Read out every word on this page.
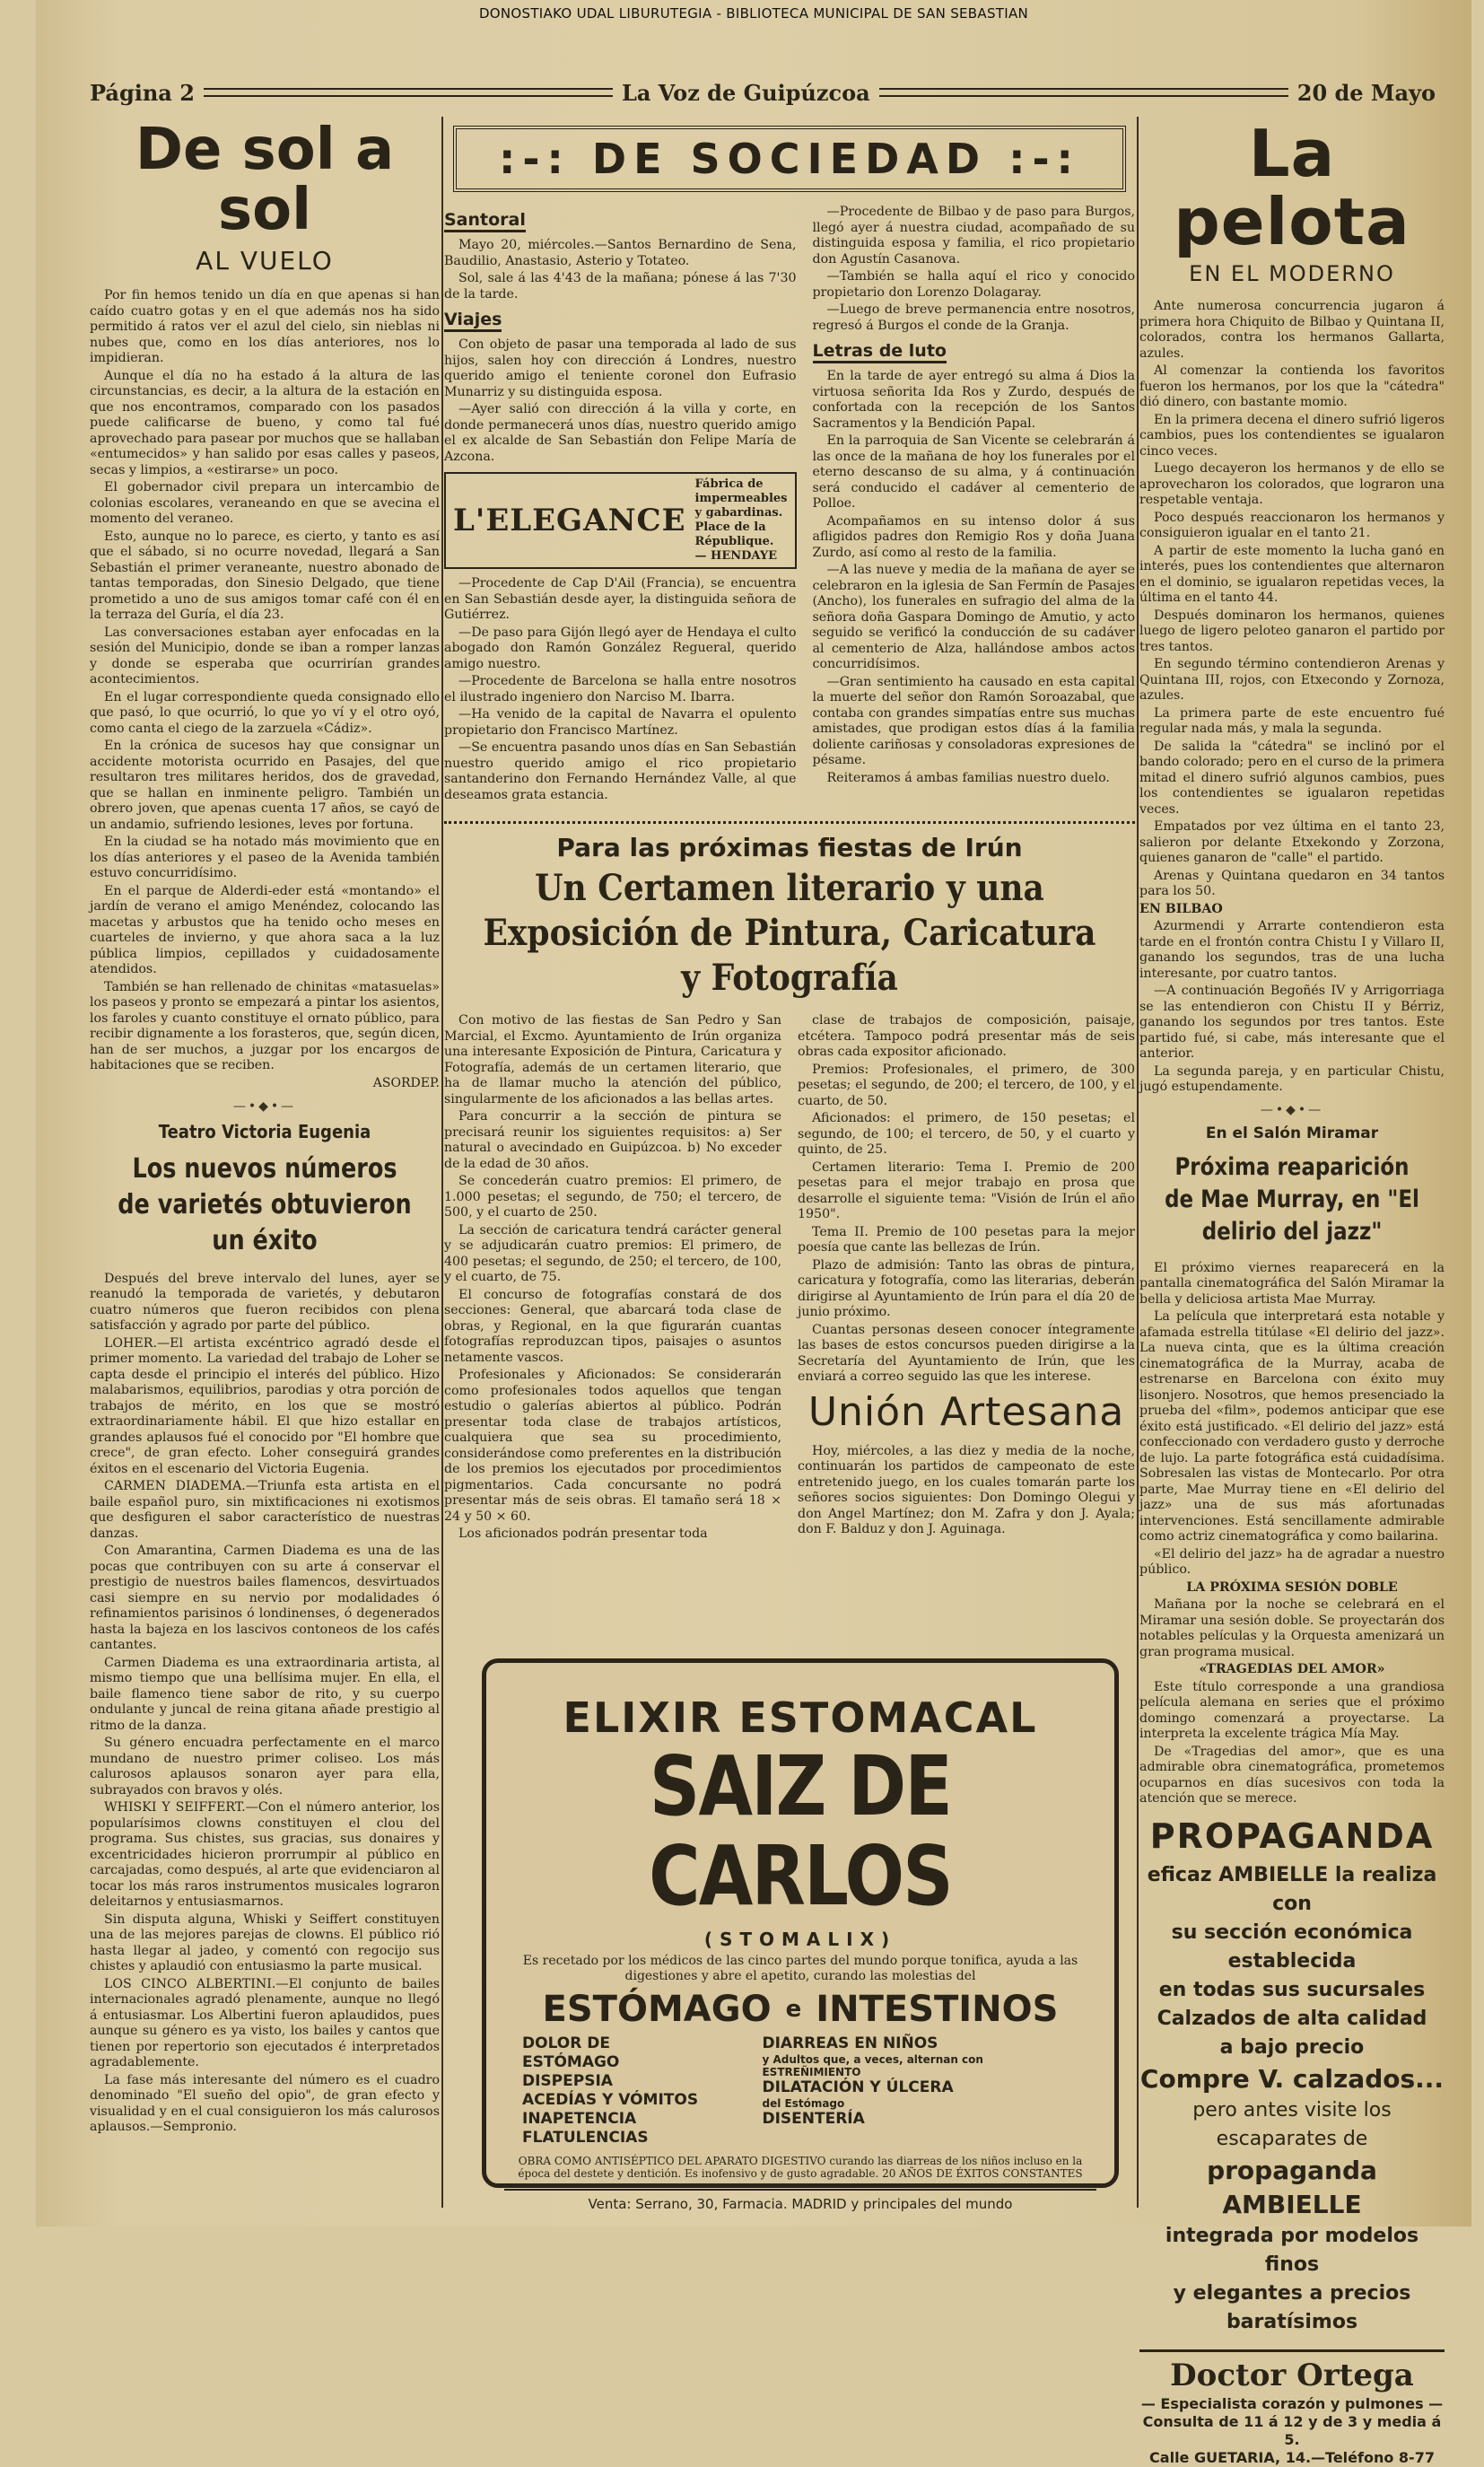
DONOSTIAKO UDAL LIBURUTEGIA - BIBLIOTECA MUNICIPAL DE SAN SEBASTIAN
Página 2	La Voz de Guipúzcoa	20 de Mayo
De sol a sol
AL VUELO

Por fin hemos tenido un día en que apenas si han caído cuatro gotas y en el que además nos ha sido permitido á ratos ver el azul del cielo, sin nieblas ni nubes que, como en los días anteriores, nos lo impidieran.

Aunque el día no ha estado á la altura de las circunstancias, es decir, a la altura de la estación en que nos encontramos, comparado con los pasados puede calificarse de bueno, y como tal fué aprovechado para pasear por muchos que se hallaban «entumecidos» y han salido por esas calles y paseos, secas y limpios, a «estirarse» un poco.

El gobernador civil prepara un intercambio de colonias escolares, veraneando en que se avecina el momento del veraneo.

Esto, aunque no lo parece, es cierto, y tanto es así que el sábado, si no ocurre novedad, llegará a San Sebastián el primer veraneante, nuestro abonado de tantas temporadas, don Sinesio Delgado, que tiene prometido a uno de sus amigos tomar café con él en la terraza del Guría, el día 23.

Las conversaciones estaban ayer enfocadas en la sesión del Municipio, donde se iban a romper lanzas y donde se esperaba que ocurrirían grandes acontecimientos.

En el lugar correspondiente queda consignado ello que pasó, lo que ocurrió, lo que yo ví y el otro oyó, como canta el ciego de la zarzuela «Cádiz».

En la crónica de sucesos hay que consignar un accidente motorista ocurrido en Pasajes, del que resultaron tres militares heridos, dos de gravedad, que se hallan en inminente peligro. También un obrero joven, que apenas cuenta 17 años, se cayó de un andamio, sufriendo lesiones, leves por fortuna.

En la ciudad se ha notado más movimiento que en los días anteriores y el paseo de la Avenida también estuvo concurridísimo.

En el parque de Alderdi-eder está «montando» el jardín de verano el amigo Menéndez, colocando las macetas y arbustos que ha tenido ocho meses en cuarteles de invierno, y que ahora saca a la luz pública limpios, cepillados y cuidadosamente atendidos.

También se han rellenado de chinitas «matasuelas» los paseos y pronto se empezará a pintar los asientos, los faroles y cuanto constituye el ornato público, para recibir dignamente a los forasteros, que, según dicen, han de ser muchos, a juzgar por los encargos de habitaciones que se reciben.

ASORDEP.
—•◆•—
Teatro Victoria Eugenia
Los nuevos números de varietés obtuvieron un éxito

Después del breve intervalo del lunes, ayer se reanudó la temporada de varietés, y debutaron cuatro números que fueron recibidos con plena satisfacción y agrado por parte del público.

LOHER.—El artista excéntrico agradó desde el primer momento. La variedad del trabajo de Loher se capta desde el principio el interés del público. Hizo malabarismos, equilibrios, parodias y otra porción de trabajos de mérito, en los que se mostró extraordinariamente hábil. El que hizo estallar en grandes aplausos fué el conocido por "El hombre que crece", de gran efecto. Loher conseguirá grandes éxitos en el escenario del Victoria Eugenia.

CARMEN DIADEMA.—Triunfa esta artista en el baile español puro, sin mixtificaciones ni exotismos que desfiguren el sabor característico de nuestras danzas.

Con Amarantina, Carmen Diadema es una de las pocas que contribuyen con su arte á conservar el prestigio de nuestros bailes flamencos, desvirtuados casi siempre en su nervio por modalidades ó refinamientos parisinos ó londinenses, ó degenerados hasta la bajeza en los lascivos contoneos de los cafés cantantes.

Carmen Diadema es una extraordinaria artista, al mismo tiempo que una bellísima mujer. En ella, el baile flamenco tiene sabor de rito, y su cuerpo ondulante y juncal de reina gitana añade prestigio al ritmo de la danza.

Su género encuadra perfectamente en el marco mundano de nuestro primer coliseo. Los más calurosos aplausos sonaron ayer para ella, subrayados con bravos y olés.

WHISKI Y SEIFFERT.—Con el número anterior, los popularísimos clowns constituyen el clou del programa. Sus chistes, sus gracias, sus donaires y excentricidades hicieron prorrumpir al público en carcajadas, como después, al arte que evidenciaron al tocar los más raros instrumentos musicales lograron deleitarnos y entusiasmarnos.

Sin disputa alguna, Whiski y Seiffert constituyen una de las mejores parejas de clowns. El público rió hasta llegar al jadeo, y comentó con regocijo sus chistes y aplaudió con entusiasmo la parte musical.

LOS CINCO ALBERTINI.—El conjunto de bailes internacionales agradó plenamente, aunque no llegó á entusiasmar. Los Albertini fueron aplaudidos, pues aunque su género es ya visto, los bailes y cantos que tienen por repertorio son ejecutados é interpretados agradablemente.

La fase más interesante del número es el cuadro denominado "El sueño del opio", de gran efecto y visualidad y en el cual consiguieron los más calurosos aplausos.—Sempronio.

:-: DE SOCIEDAD :-:
Santoral

Mayo 20, miércoles.—Santos Bernardino de Sena, Baudilio, Anastasio, Asterio y Totateo.

Sol, sale á las 4'43 de la mañana; pónese á las 7'30 de la tarde.

Viajes

Con objeto de pasar una temporada al lado de sus hijos, salen hoy con dirección á Londres, nuestro querido amigo el teniente coronel don Eufrasio Munarriz y su distinguida esposa.

—Ayer salió con dirección á la villa y corte, en donde permanecerá unos días, nuestro querido amigo el ex alcalde de San Sebastián don Felipe María de Azcona.

L'ELEGANCE
Fábrica de impermeables y gabardinas. Place de la République. — HENDAYE

—Procedente de Cap D'Ail (Francia), se encuentra en San Sebastián desde ayer, la distinguida señora de Gutiérrez.

—De paso para Gijón llegó ayer de Hendaya el culto abogado don Ramón González Regueral, querido amigo nuestro.

—Procedente de Barcelona se halla entre nosotros el ilustrado ingeniero don Narciso M. Ibarra.

—Ha venido de la capital de Navarra el opulento propietario don Francisco Martínez.

—Se encuentra pasando unos días en San Sebastián nuestro querido amigo el rico propietario santanderino don Fernando Hernández Valle, al que deseamos grata estancia.

—Procedente de Bilbao y de paso para Burgos, llegó ayer á nuestra ciudad, acompañado de su distinguida esposa y familia, el rico propietario don Agustín Casanova.

—También se halla aquí el rico y conocido propietario don Lorenzo Dolagaray.

—Luego de breve permanencia entre nosotros, regresó á Burgos el conde de la Granja.

Letras de luto

En la tarde de ayer entregó su alma á Dios la virtuosa señorita Ida Ros y Zurdo, después de confortada con la recepción de los Santos Sacramentos y la Bendición Papal.

En la parroquia de San Vicente se celebrarán á las once de la mañana de hoy los funerales por el eterno descanso de su alma, y á continuación será conducido el cadáver al cementerio de Polloe.

Acompañamos en su intenso dolor á sus afligidos padres don Remigio Ros y doña Juana Zurdo, así como al resto de la familia.

—A las nueve y media de la mañana de ayer se celebraron en la iglesia de San Fermín de Pasajes (Ancho), los funerales en sufragio del alma de la señora doña Gaspara Domingo de Amutio, y acto seguido se verificó la conducción de su cadáver al cementerio de Alza, hallándose ambos actos concurridísimos.

—Gran sentimiento ha causado en esta capital la muerte del señor don Ramón Soroazabal, que contaba con grandes simpatías entre sus muchas amistades, que prodigan estos días á la familia doliente cariñosas y consoladoras expresiones de pésame.

Reiteramos á ambas familias nuestro duelo.

Para las próximas fiestas de Irún
Un Certamen literario y una Exposición de Pintura, Caricatura y Fotografía

Con motivo de las fiestas de San Pedro y San Marcial, el Excmo. Ayuntamiento de Irún organiza una interesante Exposición de Pintura, Caricatura y Fotografía, además de un certamen literario, que ha de llamar mucho la atención del público, singularmente de los aficionados a las bellas artes.

Para concurrir a la sección de pintura se precisará reunir los siguientes requisitos: a) Ser natural o avecindado en Guipúzcoa. b) No exceder de la edad de 30 años.

Se concederán cuatro premios: El primero, de 1.000 pesetas; el segundo, de 750; el tercero, de 500, y el cuarto de 250.

La sección de caricatura tendrá carácter general y se adjudicarán cuatro premios: El primero, de 400 pesetas; el segundo, de 250; el tercero, de 100, y el cuarto, de 75.

El concurso de fotografías constará de dos secciones: General, que abarcará toda clase de obras, y Regional, en la que figurarán cuantas fotografías reproduzcan tipos, paisajes o asuntos netamente vascos.

Profesionales y Aficionados: Se considerarán como profesionales todos aquellos que tengan estudio o galerías abiertos al público. Podrán presentar toda clase de trabajos artísticos, cualquiera que sea su procedimiento, considerándose como preferentes en la distribución de los premios los ejecutados por procedimientos pigmentarios. Cada concursante no podrá presentar más de seis obras. El tamaño será 18 × 24 y 50 × 60.

Los aficionados podrán presentar toda

clase de trabajos de composición, paisaje, etcétera. Tampoco podrá presentar más de seis obras cada expositor aficionado.

Premios: Profesionales, el primero, de 300 pesetas; el segundo, de 200; el tercero, de 100, y el cuarto, de 50.

Aficionados: el primero, de 150 pesetas; el segundo, de 100; el tercero, de 50, y el cuarto y quinto, de 25.

Certamen literario: Tema I. Premio de 200 pesetas para el mejor trabajo en prosa que desarrolle el siguiente tema: "Visión de Irún el año 1950".

Tema II. Premio de 100 pesetas para la mejor poesía que cante las bellezas de Irún.

Plazo de admisión: Tanto las obras de pintura, caricatura y fotografía, como las literarias, deberán dirigirse al Ayuntamiento de Irún para el día 20 de junio próximo.

Cuantas personas deseen conocer íntegramente las bases de estos concursos pueden dirigirse a la Secretaría del Ayuntamiento de Irún, que les enviará a correo seguido las que les interese.

Unión Artesana

Hoy, miércoles, a las diez y media de la noche, continuarán los partidos de campeonato de este entretenido juego, en los cuales tomarán parte los señores socios siguientes: Don Domingo Olegui y don Angel Martínez; don M. Zafra y don J. Ayala; don F. Balduz y don J. Aguinaga.

ELIXIR ESTOMACAL
SAIZ DE CARLOS
(STOMALIX)
Es recetado por los médicos de las cinco partes del mundo porque tonifica, ayuda a las digestiones y abre el apetito, curando las molestias del
ESTÓMAGO e INTESTINOS
DOLOR DE ESTÓMAGO
DISPEPSIA
ACEDÍAS Y VÓMITOS
INAPETENCIA
FLATULENCIAS
DIARREAS EN NIÑOS
y Adultos que, a veces, alternan con ESTREÑIMIENTO
DILATACIÓN Y ÚLCERA
del Estómago
DISENTERÍA
OBRA COMO ANTISÉPTICO DEL APARATO DIGESTIVO curando las diarreas de los niños incluso en la época del destete y dentición. Es inofensivo y de gusto agradable. 20 AÑOS DE ÉXITOS CONSTANTES
Venta: Serrano, 30, Farmacia. MADRID y principales del mundo
La pelota
EN EL MODERNO

Ante numerosa concurrencia jugaron á primera hora Chiquito de Bilbao y Quintana II, colorados, contra los hermanos Gallarta, azules.

Al comenzar la contienda los favoritos fueron los hermanos, por los que la "cátedra" dió dinero, con bastante momio.

En la primera decena el dinero sufrió ligeros cambios, pues los contendientes se igualaron cinco veces.

Luego decayeron los hermanos y de ello se aprovecharon los colorados, que lograron una respetable ventaja.

Poco después reaccionaron los hermanos y consiguieron igualar en el tanto 21.

A partir de este momento la lucha ganó en interés, pues los contendientes que alternaron en el dominio, se igualaron repetidas veces, la última en el tanto 44.

Después dominaron los hermanos, quienes luego de ligero peloteo ganaron el partido por tres tantos.

En segundo término contendieron Arenas y Quintana III, rojos, con Etxecondo y Zornoza, azules.

La primera parte de este encuentro fué regular nada más, y mala la segunda.

De salida la "cátedra" se inclinó por el bando colorado; pero en el curso de la primera mitad el dinero sufrió algunos cambios, pues los contendientes se igualaron repetidas veces.

Empatados por vez última en el tanto 23, salieron por delante Etxekondo y Zorzona, quienes ganaron de "calle" el partido.

Arenas y Quintana quedaron en 34 tantos para los 50.

EN BILBAO

Azurmendi y Arrarte contendieron esta tarde en el frontón contra Chistu I y Villaro II, ganando los segundos, tras de una lucha interesante, por cuatro tantos.

—A continuación Begoñés IV y Arrigorriaga se las entendieron con Chistu II y Bérriz, ganando los segundos por tres tantos. Este partido fué, si cabe, más interesante que el anterior.

La segunda pareja, y en particular Chistu, jugó estupendamente.

—•◆•—
En el Salón Miramar
Próxima reaparición de Mae Murray, en "El delirio del jazz"

El próximo viernes reaparecerá en la pantalla cinematográfica del Salón Miramar la bella y deliciosa artista Mae Murray.

La película que interpretará esta notable y afamada estrella titúlase «El delirio del jazz». La nueva cinta, que es la última creación cinematográfica de la Murray, acaba de estrenarse en Barcelona con éxito muy lisonjero. Nosotros, que hemos presenciado la prueba del «film», podemos anticipar que ese éxito está justificado. «El delirio del jazz» está confeccionado con verdadero gusto y derroche de lujo. La parte fotográfica está cuidadísima. Sobresalen las vistas de Montecarlo. Por otra parte, Mae Murray tiene en «El delirio del jazz» una de sus más afortunadas intervenciones. Está sencillamente admirable como actriz cinematográfica y como bailarina.

«El delirio del jazz» ha de agradar a nuestro público.

LA PRÓXIMA SESIÓN DOBLE

Mañana por la noche se celebrará en el Miramar una sesión doble. Se proyectarán dos notables películas y la Orquesta amenizará un gran programa musical.

«TRAGEDIAS DEL AMOR»

Este título corresponde a una grandiosa película alemana en series que el próximo domingo comenzará a proyectarse. La interpreta la excelente trágica Mía May.

De «Tragedias del amor», que es una admirable obra cinematográfica, prometemos ocuparnos en días sucesivos con toda la atención que se merece.

PROPAGANDA
eficaz AMBIELLE la realiza con
su sección económica establecida
en todas sus sucursales
Calzados de alta calidad
a bajo precio
Compre V. calzados...
pero antes visite los escaparates de
propaganda AMBIELLE
integrada por modelos finos
y elegantes a precios baratísimos
Doctor Ortega
— Especialista corazón y pulmones —
Consulta de 11 á 12 y de 3 y media á 5.
Calle GUETARIA, 14.—Teléfono 8-77
